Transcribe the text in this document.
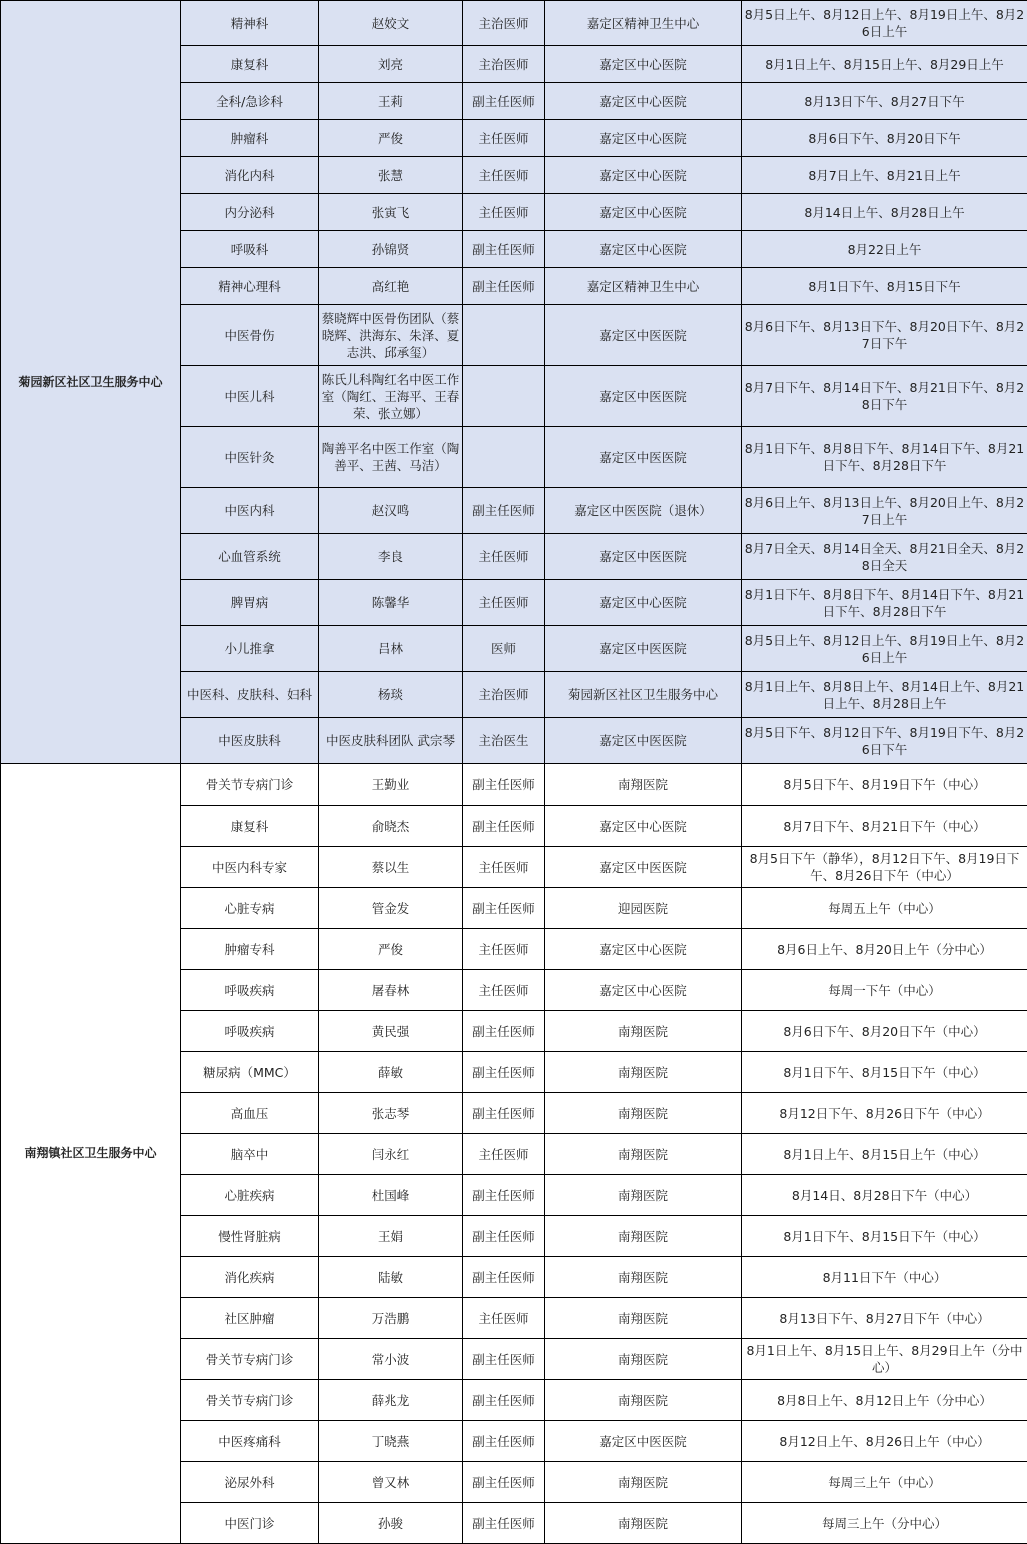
菊园新区社区卫生服务中心	精神科	赵姣文	主治医师	嘉定区精神卫生中心	8月5日上午、8月12日上午、8月19日上午、8月26日上午
	康复科	刘亮	主治医师	嘉定区中心医院	8月1日上午、8月15日上午、8月29日上午
	全科/急诊科	王莉	副主任医师	嘉定区中心医院	8月13日下午、8月27日下午
	肿瘤科	严俊	主任医师	嘉定区中心医院	8月6日下午、8月20日下午
	消化内科	张慧	主任医师	嘉定区中心医院	8月7日上午、8月21日上午
	内分泌科	张寅飞	主任医师	嘉定区中心医院	8月14日上午、8月28日上午
	呼吸科	孙锦贤	副主任医师	嘉定区中心医院	8月22日上午
	精神心理科	高红艳	副主任医师	嘉定区精神卫生中心	8月1日下午、8月15日下午
	中医骨伤	蔡晓辉中医骨伤团队（蔡晓辉、洪海东、朱泽、夏志洪、邱承玺）		嘉定区中医医院	8月6日下午、8月13日下午、8月20日下午、8月27日下午
	中医儿科	陈氏儿科陶红名中医工作室（陶红、王海平、王春荣、张立娜）		嘉定区中医医院	8月7日下午、8月14日下午、8月21日下午、8月28日下午
	中医针灸	陶善平名中医工作室（陶善平、王茜、马洁）		嘉定区中医医院	8月1日下午、8月8日下午、8月14日下午、8月21日下午、8月28日下午
	中医内科	赵汉鸣	副主任医师	嘉定区中医医院（退休）	8月6日上午、8月13日上午、8月20日上午、8月27日上午
	心血管系统	李良	主任医师	嘉定区中医医院	8月7日全天、8月14日全天、8月21日全天、8月28日全天
	脾胃病	陈馨华	主任医师	嘉定区中心医院	8月1日下午、8月8日下午、8月14日下午、8月21日下午、8月28日下午
	小儿推拿	吕林	医师	嘉定区中医医院	8月5日上午、8月12日上午、8月19日上午、8月26日上午
	中医科、皮肤科、妇科	杨琰	主治医师	菊园新区社区卫生服务中心	8月1日上午、8月8日上午、8月14日上午、8月21日上午、8月28日上午
	中医皮肤科	中医皮肤科团队 武宗琴	主治医生	嘉定区中医医院	8月5日下午、8月12日下午、8月19日下午、8月26日下午
南翔镇社区卫生服务中心	骨关节专病门诊	王勤业	副主任医师	南翔医院	8月5日下午、8月19日下午（中心）
	康复科	俞晓杰	副主任医师	嘉定区中心医院	8月7日下午、8月21日下午（中心）
	中医内科专家	蔡以生	主任医师	嘉定区中医医院	8月5日下午（静华），8月12日下午、8月19日下午、8月26日下午（中心）
	心脏专病	管金发	副主任医师	迎园医院	每周五上午（中心）
	肿瘤专科	严俊	主任医师	嘉定区中心医院	8月6日上午、8月20日上午（分中心）
	呼吸疾病	屠春林	主任医师	嘉定区中心医院	每周一下午（中心）
	呼吸疾病	黄民强	副主任医师	南翔医院	8月6日下午、8月20日下午（中心）
	糖尿病（MMC）	薛敏	副主任医师	南翔医院	8月1日下午、8月15日下午（中心）
	高血压	张志琴	副主任医师	南翔医院	8月12日下午、8月26日下午（中心）
	脑卒中	闫永红	主任医师	南翔医院	8月1日上午、8月15日上午（中心）
	心脏疾病	杜国峰	副主任医师	南翔医院	8月14日、8月28日下午（中心）
	慢性肾脏病	王娟	副主任医师	南翔医院	8月1日下午、8月15日下午（中心）
	消化疾病	陆敏	副主任医师	南翔医院	8月11日下午（中心）
	社区肿瘤	万浩鹏	主任医师	南翔医院	8月13日下午、8月27日下午（中心）
	骨关节专病门诊	常小波	副主任医师	南翔医院	8月1日上午、8月15日上午、8月29日上午（分中心）
	骨关节专病门诊	薛兆龙	副主任医师	南翔医院	8月8日上午、8月12日上午（分中心）
	中医疼痛科	丁晓燕	副主任医师	嘉定区中医医院	8月12日上午、8月26日上午（中心）
	泌尿外科	曾又林	副主任医师	南翔医院	每周三上午（中心）
	中医门诊	孙骏	副主任医师	南翔医院	每周三上午（分中心）
